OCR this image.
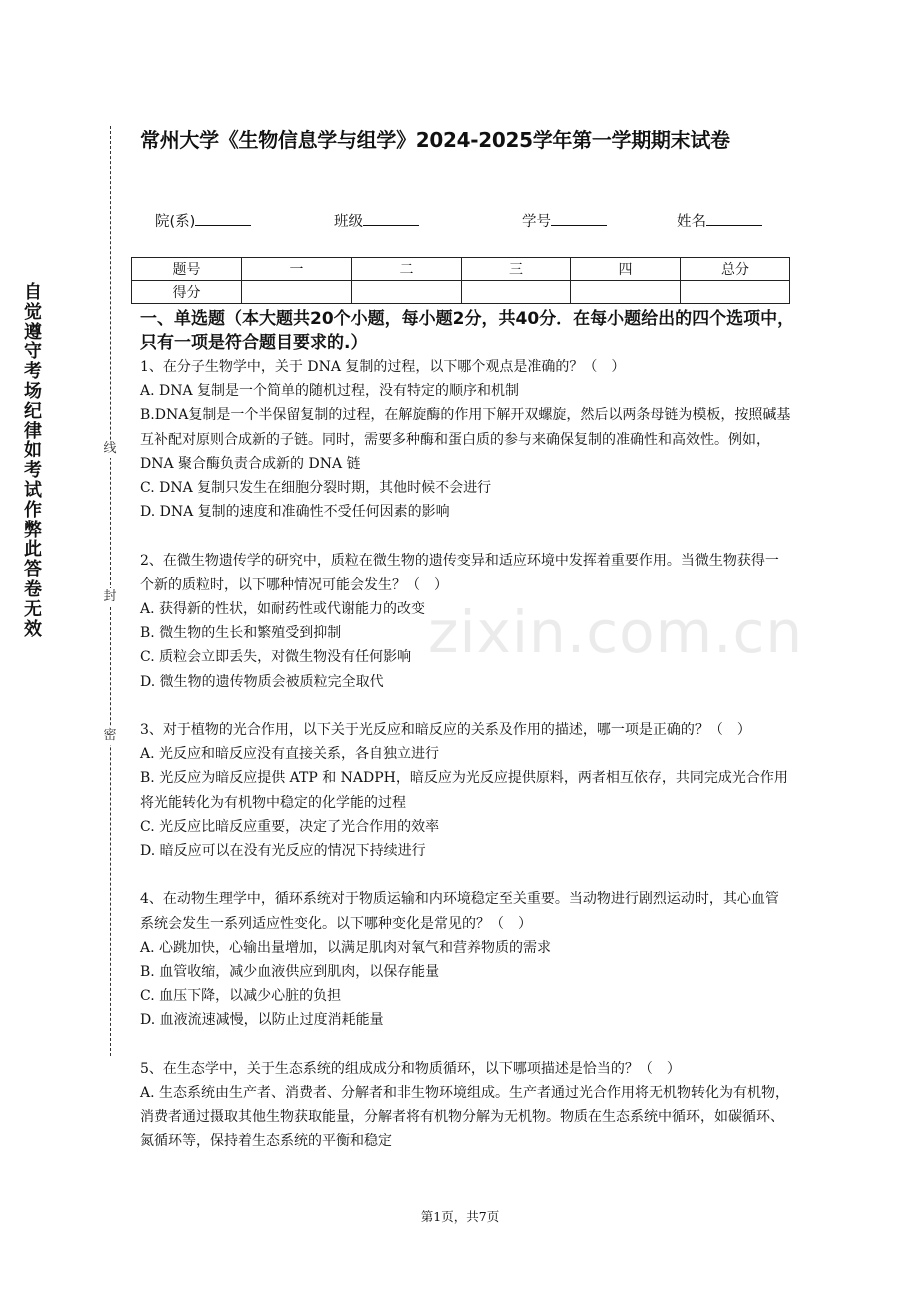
自觉遵守考场纪律如考试作弊此答卷无效
线
封
密
常州大学《生物信息学与组学》2024-2025学年第一学期期末试卷
院(系)	班级	学号	姓名
题号	一	二	三	四	总分
得分					
一、单选题（本大题共20个小题，每小题2分，共40分．在每小题给出的四个选项中，只有一项是符合题目要求的.）
zixin.com.cn

1、在分子生物学中，关于 DNA 复制的过程，以下哪个观点是准确的？（　）

A. DNA 复制是一个简单的随机过程，没有特定的顺序和机制

B.DNA复制是一个半保留复制的过程，在解旋酶的作用下解开双螺旋，然后以两条母链为模板，按照碱基互补配对原则合成新的子链。同时，需要多种酶和蛋白质的参与来确保复制的准确性和高效性。例如，DNA 聚合酶负责合成新的 DNA 链

C. DNA 复制只发生在细胞分裂时期，其他时候不会进行

D. DNA 复制的速度和准确性不受任何因素的影响

2、在微生物遗传学的研究中，质粒在微生物的遗传变异和适应环境中发挥着重要作用。当微生物获得一个新的质粒时，以下哪种情况可能会发生？（　）

A. 获得新的性状，如耐药性或代谢能力的改变

B. 微生物的生长和繁殖受到抑制

C. 质粒会立即丢失，对微生物没有任何影响

D. 微生物的遗传物质会被质粒完全取代

3、对于植物的光合作用，以下关于光反应和暗反应的关系及作用的描述，哪一项是正确的？（　）

A. 光反应和暗反应没有直接关系，各自独立进行

B. 光反应为暗反应提供 ATP 和 NADPH，暗反应为光反应提供原料，两者相互依存，共同完成光合作用将光能转化为有机物中稳定的化学能的过程

C. 光反应比暗反应重要，决定了光合作用的效率

D. 暗反应可以在没有光反应的情况下持续进行

4、在动物生理学中，循环系统对于物质运输和内环境稳定至关重要。当动物进行剧烈运动时，其心血管系统会发生一系列适应性变化。以下哪种变化是常见的？（　）

A. 心跳加快，心输出量增加，以满足肌肉对氧气和营养物质的需求

B. 血管收缩，减少血液供应到肌肉，以保存能量

C. 血压下降，以减少心脏的负担

D. 血液流速减慢，以防止过度消耗能量

5、在生态学中，关于生态系统的组成成分和物质循环，以下哪项描述是恰当的？（　）

A. 生态系统由生产者、消费者、分解者和非生物环境组成。生产者通过光合作用将无机物转化为有机物，消费者通过摄取其他生物获取能量，分解者将有机物分解为无机物。物质在生态系统中循环，如碳循环、氮循环等，保持着生态系统的平衡和稳定

第1页，共7页
